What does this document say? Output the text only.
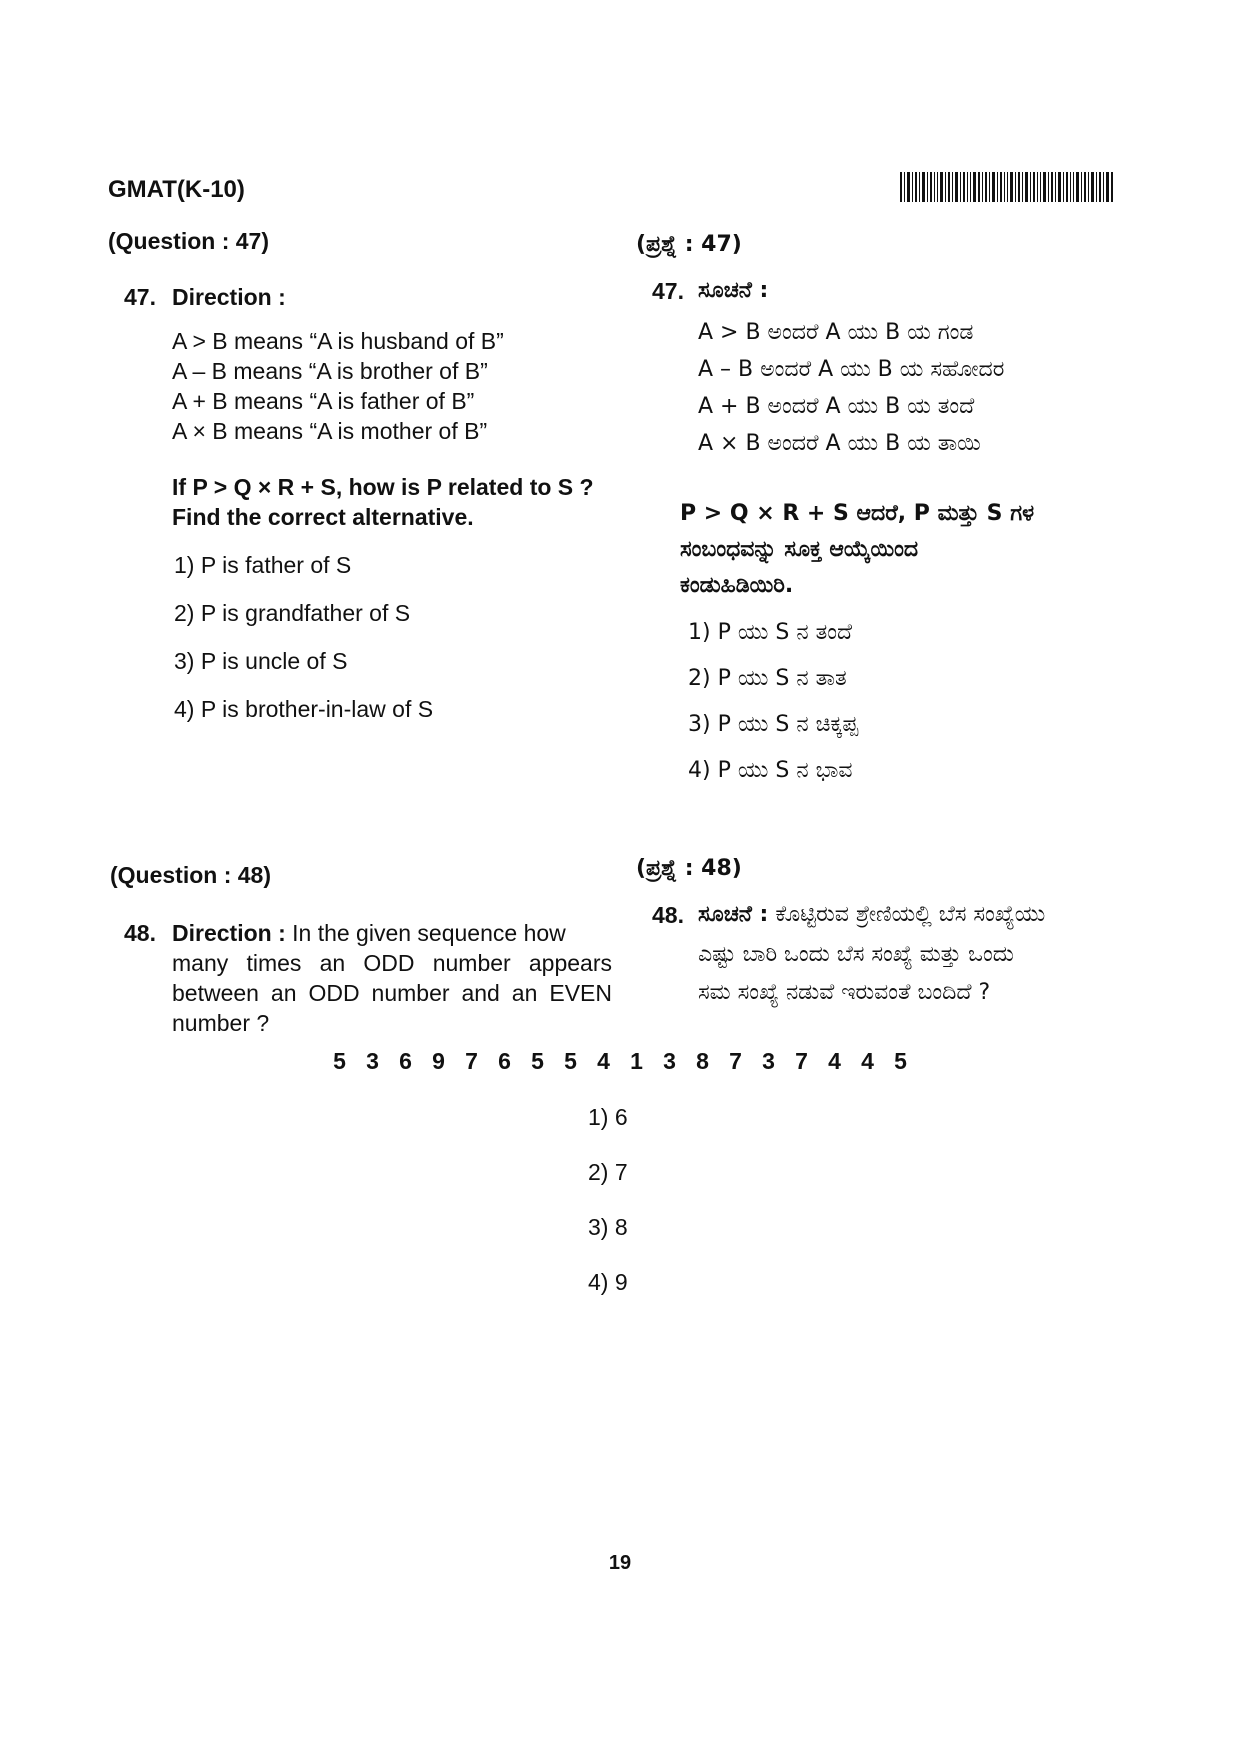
GMAT(K-10)
(Question : 47)
47. Direction :
A > B means “A is husband of B”
A – B means “A is brother of B”
A + B means “A is father of B”
A × B means “A is mother of B”
If P > Q × R + S, how is P related to S ?
Find the correct alternative.
1) P is father of S
2) P is grandfather of S
3) P is uncle of S
4) P is brother-in-law of S
(ಪ್ರಶ್ನೆ : 47)
47. ಸೂಚನೆ :
A > B ಅಂದರೆ A ಯು B ಯ ಗಂಡ
A – B ಅಂದರೆ A ಯು B ಯ ಸಹೋದರ
A + B ಅಂದರೆ A ಯು B ಯ ತಂದೆ
A × B ಅಂದರೆ A ಯು B ಯ ತಾಯಿ
P > Q × R + S ಆದರೆ, P ಮತ್ತು S ಗಳ
ಸಂಬಂಧವನ್ನು ಸೂಕ್ತ ಆಯ್ಕೆಯಿಂದ
ಕಂಡುಹಿಡಿಯಿರಿ.
1) P ಯು S ನ ತಂದೆ
2) P ಯು S ನ ತಾತ
3) P ಯು S ನ ಚಿಕ್ಕಪ್ಪ
4) P ಯು S ನ ಭಾವ
(Question : 48)
48. Direction : In the given sequence how
many times an ODD number appears
between an ODD number and an EVEN
number ?
(ಪ್ರಶ್ನೆ : 48)
48. ಸೂಚನೆ : ಕೊಟ್ಟಿರುವ ಶ್ರೇಣಿಯಲ್ಲಿ ಬೆಸ ಸಂಖ್ಯೆಯು
ಎಷ್ಟು ಬಾರಿ ಒಂದು ಬೆಸ ಸಂಖ್ಯೆ ಮತ್ತು ಒಂದು
ಸಮ ಸಂಖ್ಯೆ ನಡುವೆ ಇರುವಂತೆ ಬಂದಿದೆ ?
5 3 6 9 7 6 5 5 4 1 3 8 7 3 7 4 4 5
1) 6
2) 7
3) 8
4) 9
19
